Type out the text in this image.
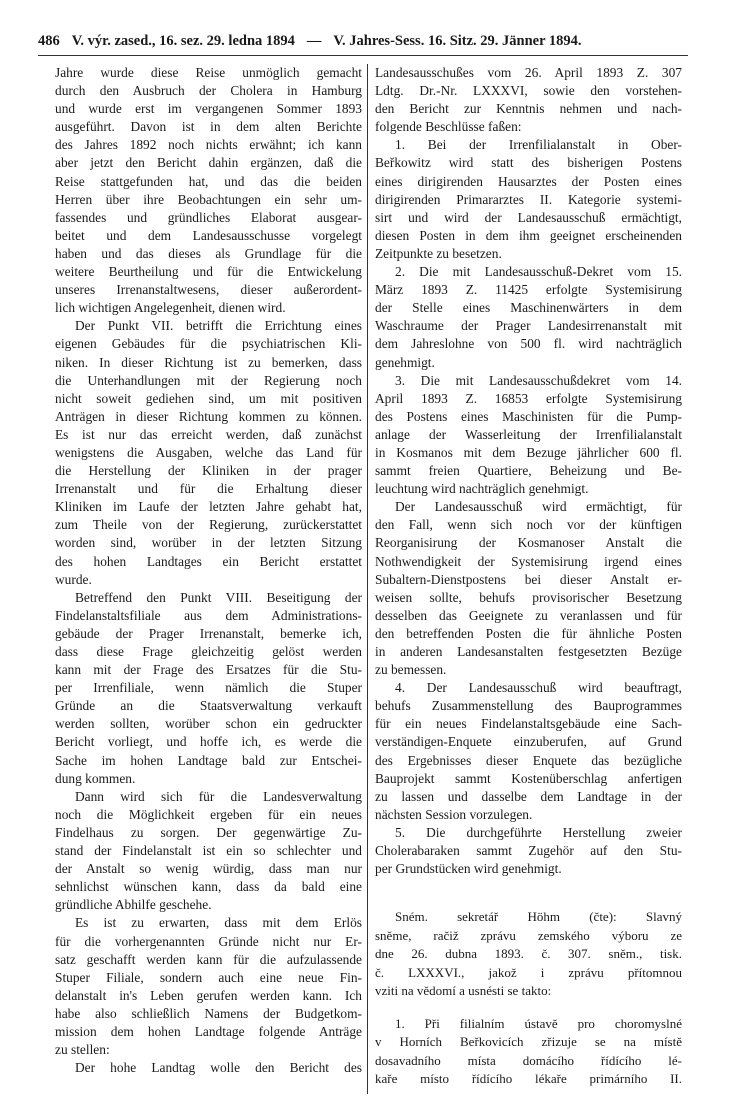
486 V. výr. zased., 16. sez. 29. ledna 1894 — V. Jahres-Sess. 16. Sitz. 29. Jänner 1894.
Jahre wurde diese Reise unmöglich gemacht
durch den Ausbruch der Cholera in Hamburg
und wurde erst im vergangenen Sommer 1893
ausgeführt. Davon ist in dem alten Berichte
des Jahres 1892 noch nichts erwähnt; ich kann
aber jetzt den Bericht dahin ergänzen, daß die
Reise stattgefunden hat, und das die beiden
Herren über ihre Beobachtungen ein sehr um-
fassendes und gründliches Elaborat ausgear-
beitet und dem Landesausschusse vorgelegt
haben und das dieses als Grundlage für die
weitere Beurtheilung und für die Entwickelung
unseres Irrenanstaltwesens, dieser außerordent-
lich wichtigen Angelegenheit, dienen wird.
Der Punkt VII. betrifft die Errichtung eines
eigenen Gebäudes für die psychiatrischen Kli-
niken. In dieser Richtung ist zu bemerken, dass
die Unterhandlungen mit der Regierung noch
nicht soweit gediehen sind, um mit positiven
Anträgen in dieser Richtung kommen zu können.
Es ist nur das erreicht werden, daß zunächst
wenigstens die Ausgaben, welche das Land für
die Herstellung der Kliniken in der prager
Irrenanstalt und für die Erhaltung dieser
Kliniken im Laufe der letzten Jahre gehabt hat,
zum Theile von der Regierung, zurückerstattet
worden sind, worüber in der letzten Sitzung
des hohen Landtages ein Bericht erstattet
wurde.
Betreffend den Punkt VIII. Beseitigung der
Findelanstaltsfiliale aus dem Administrations-
gebäude der Prager Irrenanstalt, bemerke ich,
dass diese Frage gleichzeitig gelöst werden
kann mit der Frage des Ersatzes für die Stu-
per Irrenfiliale, wenn nämlich die Stuper
Gründe an die Staatsverwaltung verkauft
werden sollten, worüber schon ein gedruckter
Bericht vorliegt, und hoffe ich, es werde die
Sache im hohen Landtage bald zur Entschei-
dung kommen.
Dann wird sich für die Landesverwaltung
noch die Möglichkeit ergeben für ein neues
Findelhaus zu sorgen. Der gegenwärtige Zu-
stand der Findelanstalt ist ein so schlechter und
der Anstalt so wenig würdig, dass man nur
sehnlichst wünschen kann, dass da bald eine
gründliche Abhilfe geschehe.
Es ist zu erwarten, dass mit dem Erlös
für die vorhergenannten Gründe nicht nur Er-
satz geschafft werden kann für die aufzulassende
Stuper Filiale, sondern auch eine neue Fin-
delanstalt in's Leben gerufen werden kann. Ich
habe also schließlich Namens der Budgetkom-
mission dem hohen Landtage folgende Anträge
zu stellen:
Der hohe Landtag wolle den Bericht des
Landesausschußes vom 26. April 1893 Z. 307
Ldtg. Dr.-Nr. LXXXVI, sowie den vorstehen-
den Bericht zur Kenntnis nehmen und nach-
folgende Beschlüsse faßen:
1. Bei der Irrenfilialanstalt in Ober-
Beřkowitz wird statt des bisherigen Postens
eines dirigirenden Hausarztes der Posten eines
dirigirenden Primararztes II. Kategorie systemi-
sirt und wird der Landesausschuß ermächtigt,
diesen Posten in dem ihm geeignet erscheinenden
Zeitpunkte zu besetzen.
2. Die mit Landesausschuß-Dekret vom 15.
März 1893 Z. 11425 erfolgte Systemisirung
der Stelle eines Maschinenwärters in dem
Waschraume der Prager Landesirrenanstalt mit
dem Jahreslohne von 500 fl. wird nachträglich
genehmigt.
3. Die mit Landesausschußdekret vom 14.
April 1893 Z. 16853 erfolgte Systemisirung
des Postens eines Maschinisten für die Pump-
anlage der Wasserleitung der Irrenfilialanstalt
in Kosmanos mit dem Bezuge jährlicher 600 fl.
sammt freien Quartiere, Beheizung und Be-
leuchtung wird nachträglich genehmigt.
Der Landesausschuß wird ermächtigt, für
den Fall, wenn sich noch vor der künftigen
Reorganisirung der Kosmanoser Anstalt die
Nothwendigkeit der Systemisirung irgend eines
Subaltern-Dienstpostens bei dieser Anstalt er-
weisen sollte, behufs provisorischer Besetzung
desselben das Geeignete zu veranlassen und für
den betreffenden Posten die für ähnliche Posten
in anderen Landesanstalten festgesetzten Bezüge
zu bemessen.
4. Der Landesausschuß wird beauftragt,
behufs Zusammenstellung des Bauprogrammes
für ein neues Findelanstaltsgebäude eine Sach-
verständigen-Enquete einzuberufen, auf Grund
des Ergebnisses dieser Enquete das bezügliche
Bauprojekt sammt Kostenüberschlag anfertigen
zu lassen und dasselbe dem Landtage in der
nächsten Session vorzulegen.
5. Die durchgeführte Herstellung zweier
Cholerabaraken sammt Zugehör auf den Stu-
per Grundstücken wird genehmigt.
Sném. sekretář Höhm (čte): Slavný
sněme, račiž zprávu zemského výboru ze
dne 26. dubna 1893. č. 307. sněm., tisk.
č. LXXXVI., jakož i zprávu přítomnou
vziti na vědomí a usnésti se takto:
1. Při filialním ústavě pro choromyslné
v Horních Beřkovicích zřizuje se na místě
dosavadního místa domácího řídícího lé-
kaře místo řídícího lékaře primárního II.
